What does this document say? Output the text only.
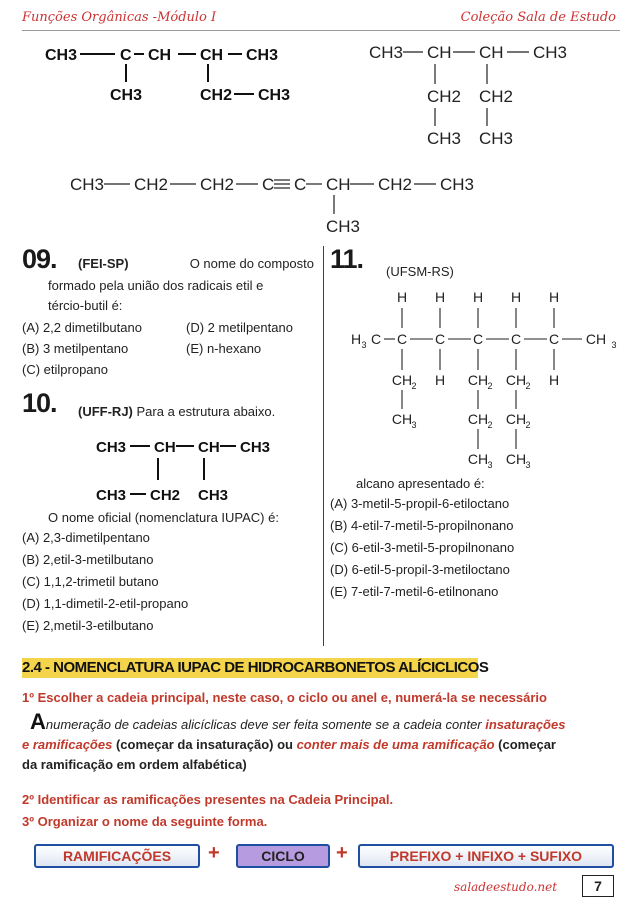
Funções Orgânicas -Módulo I	Coleção Sala de Estudo
CH3	C CH CH CH3
CH3	CH2 CH3
CH3 CH CH CH3
CH2 CH2
CH3 CH3
CH3 CH2 CH2 C C CH CH2 CH3
CH3
09. (FEI-SP)	O nome do composto
formado pela união dos radicais etil e
tércio-butil é:
(A) 2,2 dimetilbutano
(B) 3 metilpentano
(C) etilpropano
(D) 2 metilpentano
(E) n-hexano
10. (UFF-RJ) Para a estrutura abaixo.
CH3 CH CH CH3
CH3 CH2 CH3
O nome oficial (nomenclatura IUPAC) é:
(A) 2,3-dimetilpentano
(B) 2,etil-3-metilbutano
(C) 1,1,2-trimetil butano
(D) 1,1-dimetil-2-etil-propano
(E) 2,metil-3-etilbutano
11. (UFSM-RS)
H H H H H
H 3 C C C C C C CH 3
CH 2 H CH 2 CH 2 H
CH 3	CH 2 CH 2
CH 3 CH 3
alcano apresentado é:
(A) 3-metil-5-propil-6-etiloctano
(B) 4-etil-7-metil-5-propilnonano
(C) 6-etil-3-metil-5-propilnonano
(D) 6-etil-5-propil-3-metiloctano
(E) 7-etil-7-metil-6-etilnonano
2.4 - NOMENCLATURA IUPAC DE HIDROCARBONETOS ALÍCICLICOS
1º Escolher a cadeia principal, neste caso, o ciclo ou anel e, numerá-la se necessário
Anumeração de cadeias alicíclicas deve ser feita somente se a cadeia conter insaturações
e ramificações (começar da insaturação) ou conter mais de uma ramificação (começar
da ramificação em ordem alfabética)
2º Identificar as ramificações presentes na Cadeia Principal.
3º Organizar o nome da seguinte forma.
RAMIFICAÇÕES	+	CICLO	+	PREFIXO + INFIXO + SUFIXO
saladeestudo.net	7
